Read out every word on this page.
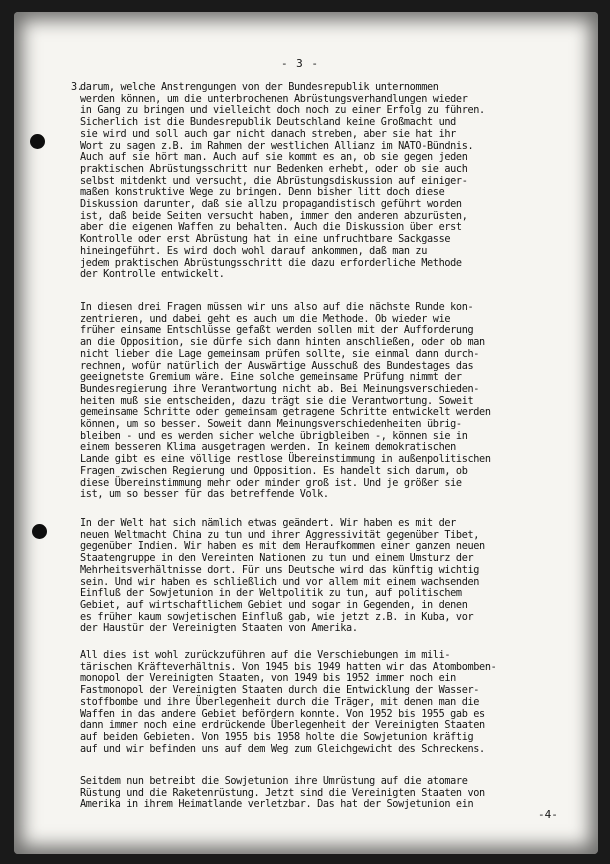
- 3 -
3.
darum, welche Anstrengungen von der Bundesrepublik unternommen
werden können, um die unterbrochenen Abrüstungsverhandlungen wieder
in Gang zu bringen und vielleicht doch noch zu einer Erfolg zu führen.
Sicherlich ist die Bundesrepublik Deutschland keine Großmacht und
sie wird und soll auch gar nicht danach streben, aber sie hat ihr
Wort zu sagen z.B. im Rahmen der westlichen Allianz im NATO-Bündnis.
Auch auf sie hört man. Auch auf sie kommt es an, ob sie gegen jeden
praktischen Abrüstungsschritt nur Bedenken erhebt, oder ob sie auch
selbst mitdenkt und versucht, die Abrüstungsdiskussion auf einiger-
maßen konstruktive Wege zu bringen. Denn bisher litt doch diese
Diskussion darunter, daß sie allzu propagandistisch geführt worden
ist, daß beide Seiten versucht haben, immer den anderen abzurüsten,
aber die eigenen Waffen zu behalten. Auch die Diskussion über erst
Kontrolle oder erst Abrüstung hat in eine unfruchtbare Sackgasse
hineingeführt. Es wird doch wohl darauf ankommen, daß man zu
jedem praktischen Abrüstungsschritt die dazu erforderliche Methode
der Kontrolle entwickelt.
In diesen drei Fragen müssen wir uns also auf die nächste Runde kon-
zentrieren, und dabei geht es auch um die Methode. Ob wieder wie
früher einsame Entschlüsse gefaßt werden sollen mit der Aufforderung
an die Opposition, sie dürfe sich dann hinten anschließen, oder ob man
nicht lieber die Lage gemeinsam prüfen sollte, sie einmal dann durch-
rechnen, wofür natürlich der Auswärtige Ausschuß des Bundestages das
geeignetste Gremium wäre. Eine solche gemeinsame Prüfung nimmt der
Bundesregierung ihre Verantwortung nicht ab. Bei Meinungsverschieden-
heiten muß sie entscheiden, dazu trägt sie die Verantwortung. Soweit
gemeinsame Schritte oder gemeinsam getragene Schritte entwickelt werden
können, um so besser. Soweit dann Meinungsverschiedenheiten übrig-
bleiben - und es werden sicher welche übrigbleiben -, können sie in
einem besseren Klima ausgetragen werden. In keinem demokratischen
Lande gibt es eine völlige restlose Übereinstimmung in außenpolitischen
Fragen zwischen Regierung und Opposition. Es handelt sich darum, ob
diese Übereinstimmung mehr oder minder groß ist. Und je größer sie
ist, um so besser für das betreffende Volk.
In der Welt hat sich nämlich etwas geändert. Wir haben es mit der
neuen Weltmacht China zu tun und ihrer Aggressivität gegenüber Tibet,
gegenüber Indien. Wir haben es mit dem Heraufkommen einer ganzen neuen
Staatengruppe in den Vereinten Nationen zu tun und einem Umsturz der
Mehrheitsverhältnisse dort. Für uns Deutsche wird das künftig wichtig
sein. Und wir haben es schließlich und vor allem mit einem wachsenden
Einfluß der Sowjetunion in der Weltpolitik zu tun, auf politischem
Gebiet, auf wirtschaftlichem Gebiet und sogar in Gegenden, in denen
es früher kaum sowjetischen Einfluß gab, wie jetzt z.B. in Kuba, vor
der Haustür der Vereinigten Staaten von Amerika.
All dies ist wohl zurückzuführen auf die Verschiebungen im mili-
tärischen Kräfteverhältnis. Von 1945 bis 1949 hatten wir das Atombomben-
monopol der Vereinigten Staaten, von 1949 bis 1952 immer noch ein
Fastmonopol der Vereinigten Staaten durch die Entwicklung der Wasser-
stoffbombe und ihre Überlegenheit durch die Träger, mit denen man die
Waffen in das andere Gebiet befördern konnte. Von 1952 bis 1955 gab es
dann immer noch eine erdrückende Überlegenheit der Vereinigten Staaten
auf beiden Gebieten. Von 1955 bis 1958 holte die Sowjetunion kräftig
auf und wir befinden uns auf dem Weg zum Gleichgewicht des Schreckens.
Seitdem nun betreibt die Sowjetunion ihre Umrüstung auf die atomare
Rüstung und die Raketenrüstung. Jetzt sind die Vereinigten Staaten von
Amerika in ihrem Heimatlande verletzbar. Das hat der Sowjetunion ein
-4-
